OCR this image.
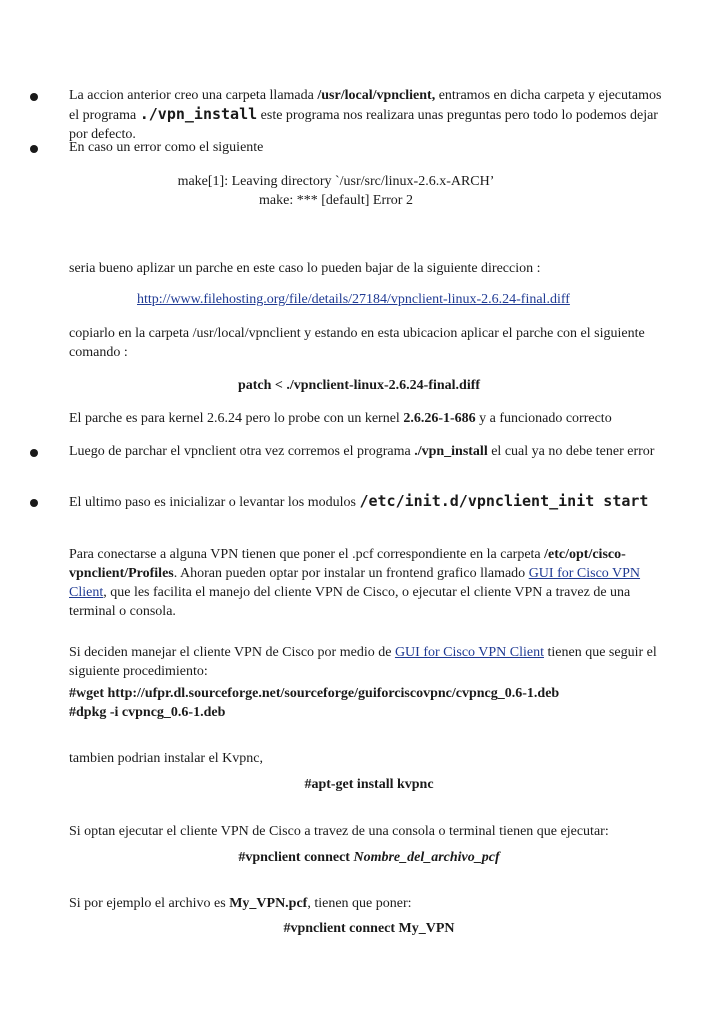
La accion anterior creo una carpeta llamada /usr/local/vpnclient, entramos en dicha carpeta y ejecutamos el programa ./vpn_install este programa nos realizara unas preguntas pero todo lo podemos dejar por defecto.
En caso un error como el siguiente
make[1]: Leaving directory `/usr/src/linux-2.6.x-ARCH’
make: *** [default] Error 2
seria bueno aplizar un parche en este caso lo pueden bajar de la siguiente direccion :
http://www.filehosting.org/file/details/27184/vpnclient-linux-2.6.24-final.diff
copiarlo en la carpeta /usr/local/vpnclient y estando en esta ubicacion aplicar el parche con el siguiente comando :
patch < ./vpnclient-linux-2.6.24-final.diff
El parche es para kernel 2.6.24 pero lo probe con un kernel 2.6.26-1-686 y a funcionado correcto
Luego de parchar el vpnclient otra vez corremos el programa ./vpn_install el cual ya no debe tener error
El ultimo paso es inicializar o levantar los modulos /etc/init.d/vpnclient_init start
Para conectarse a alguna VPN tienen que poner el .pcf correspondiente en la carpeta /etc/opt/cisco-vpnclient/Profiles. Ahoran pueden optar por instalar un frontend grafico llamado GUI for Cisco VPN Client, que les facilita el manejo del cliente VPN de Cisco, o ejecutar el cliente VPN a travez de una terminal o consola.
Si deciden manejar el cliente VPN de Cisco por medio de GUI for Cisco VPN Client tienen que seguir el siguiente procedimiento:
#wget http://ufpr.dl.sourceforge.net/sourceforge/guiforciscovpnc/cvpncg_0.6-1.deb
#dpkg -i cvpncg_0.6-1.deb
tambien podrian instalar el Kvpnc,
#apt-get install kvpnc
Si optan ejecutar el cliente VPN de Cisco a travez de una consola o terminal tienen que ejecutar:
#vpnclient connect Nombre_del_archivo_pcf
Si por ejemplo el archivo es My_VPN.pcf, tienen que poner:
#vpnclient connect My_VPN
